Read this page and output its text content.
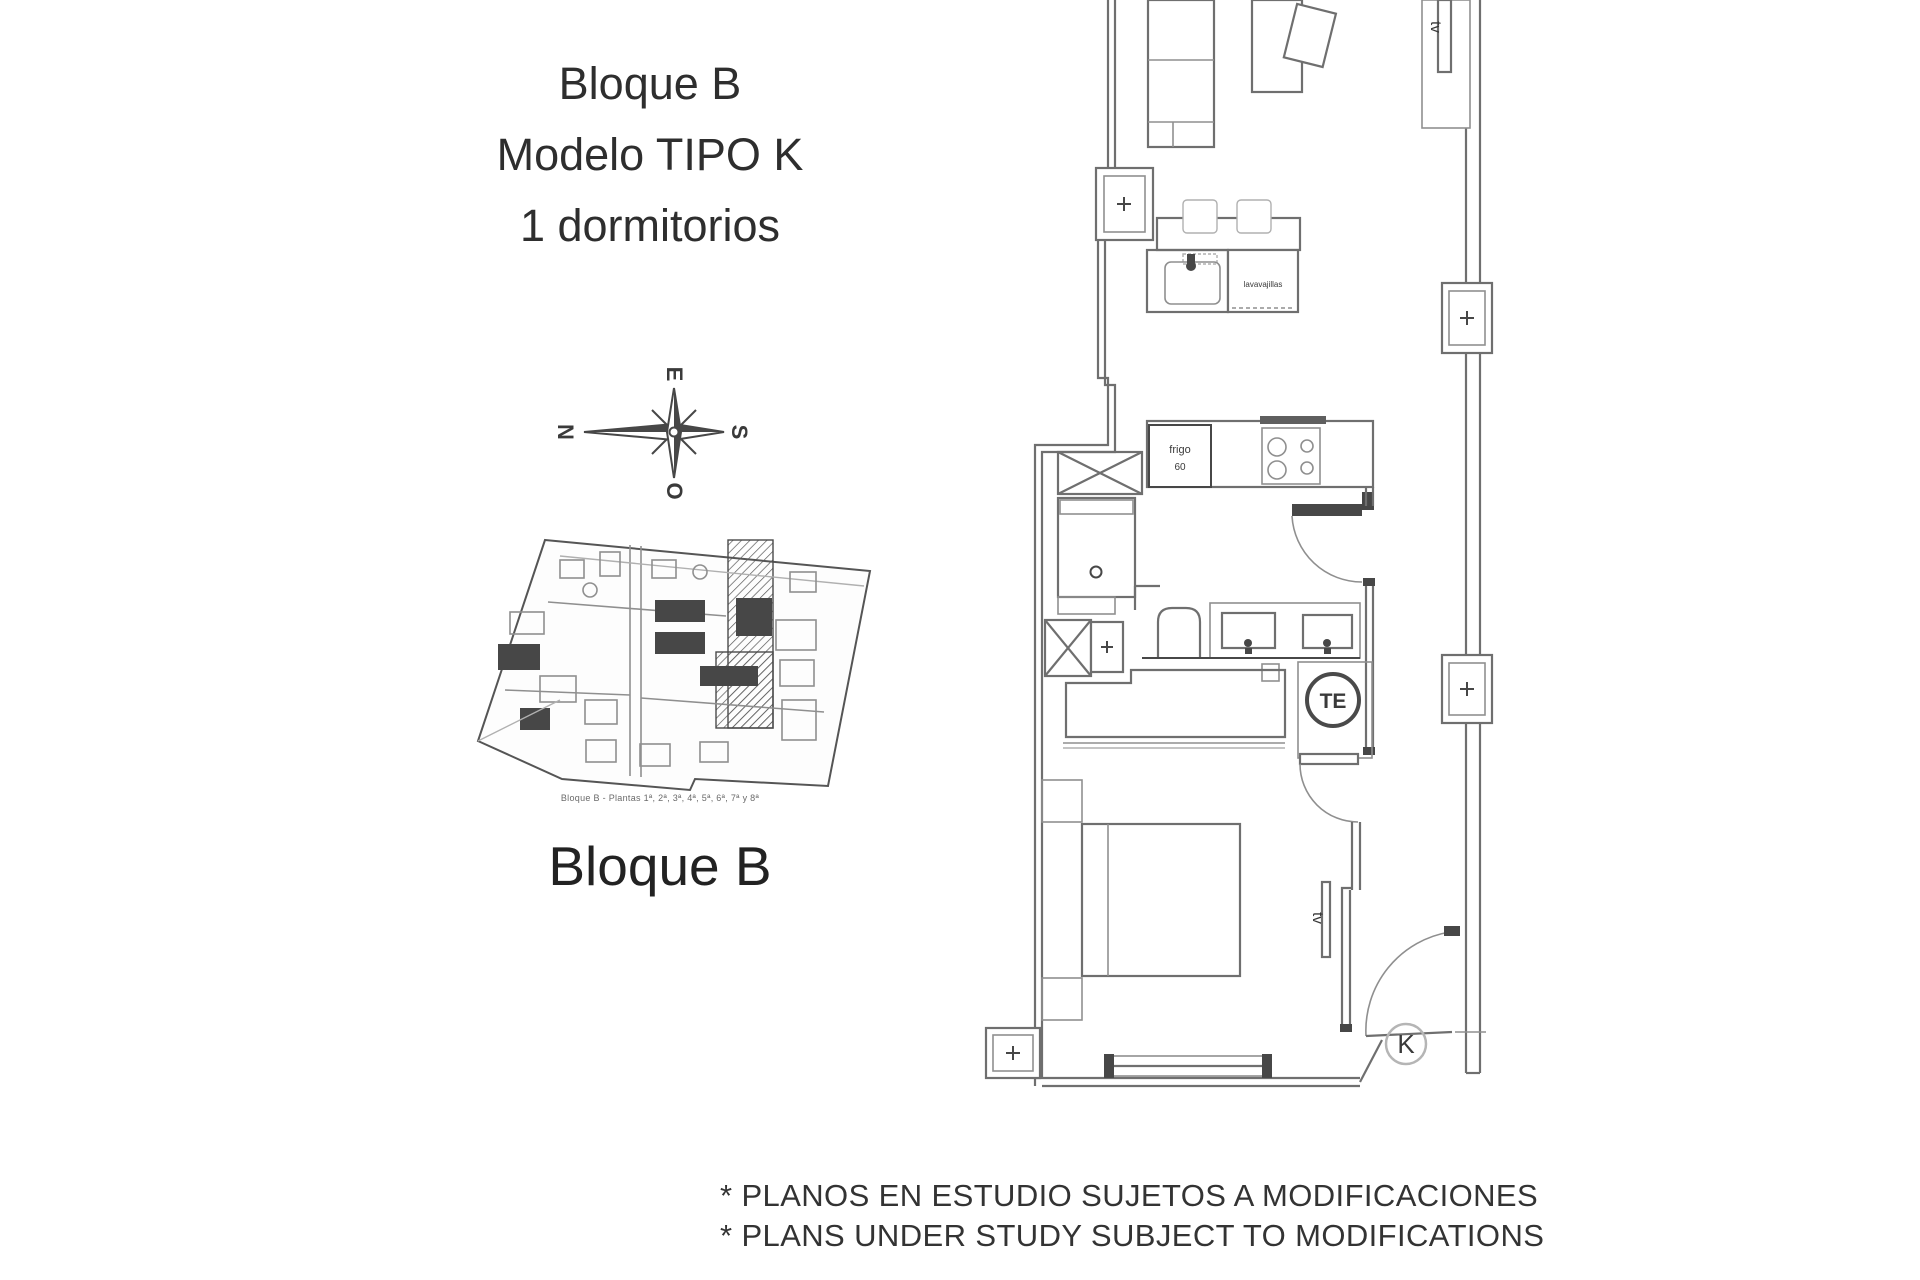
Bloque B
Modelo TIPO K
1 dormitorios
Bloque B - Plantas 1ª, 2ª, 3ª, 4ª, 5ª, 6ª, 7ª y 8ª
Bloque B
* PLANOS EN ESTUDIO SUJETOS A MODIFICACIONES
* PLANS UNDER STUDY SUBJECT TO MODIFICATIONS
E
N	S
O
tv
lavavajillas
frigo
60
TE
tv
K
